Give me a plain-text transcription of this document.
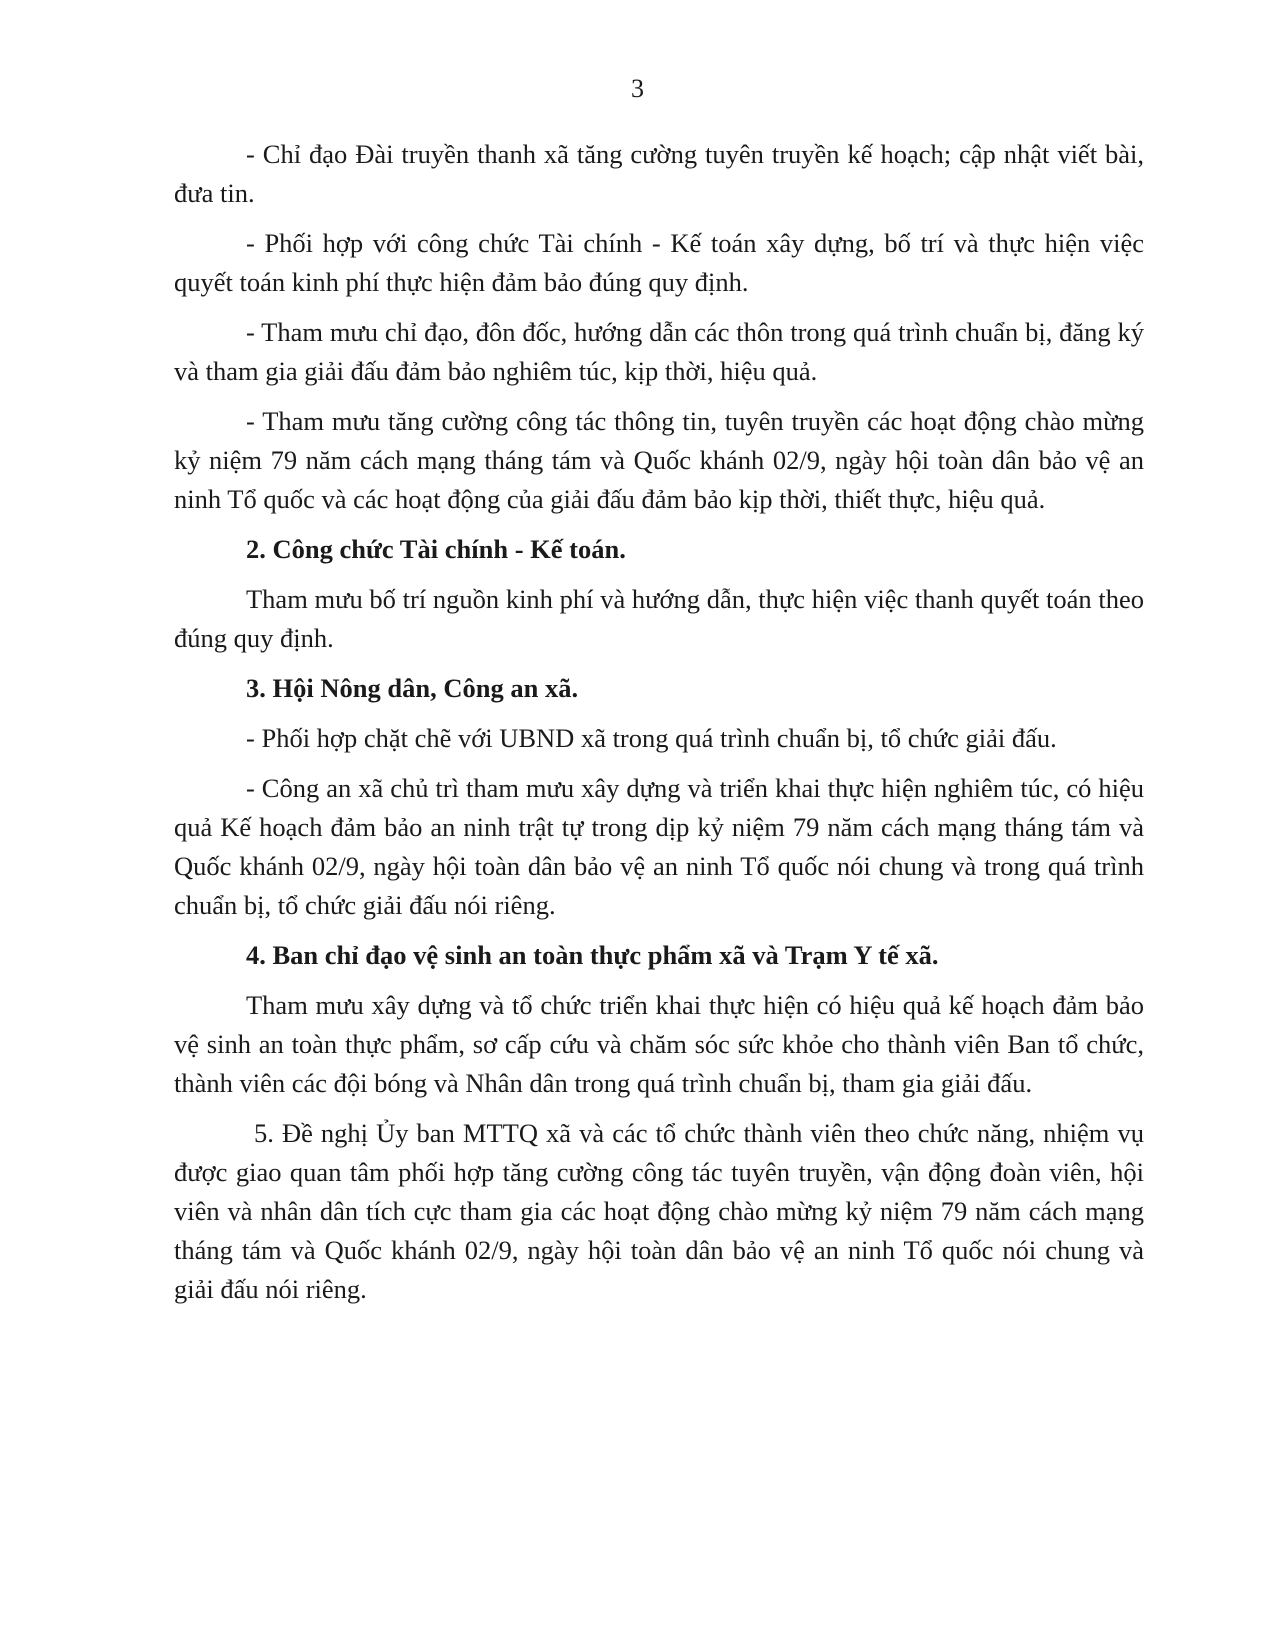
3

- Chỉ đạo Đài truyền thanh xã tăng cường tuyên truyền kế hoạch; cập nhật viết bài, đưa tin.

- Phối hợp với công chức Tài chính - Kế toán xây dựng, bố trí và thực hiện việc quyết toán kinh phí thực hiện đảm bảo đúng quy định.

- Tham mưu chỉ đạo, đôn đốc, hướng dẫn các thôn trong quá trình chuẩn bị, đăng ký và tham gia giải đấu đảm bảo nghiêm túc, kịp thời, hiệu quả.

- Tham mưu tăng cường công tác thông tin, tuyên truyền các hoạt động chào mừng kỷ niệm 79 năm cách mạng tháng tám và Quốc khánh 02/9, ngày hội toàn dân bảo vệ an ninh Tổ quốc và các hoạt động của giải đấu đảm bảo kịp thời, thiết thực, hiệu quả.

2. Công chức Tài chính - Kế toán.

Tham mưu bố trí nguồn kinh phí và hướng dẫn, thực hiện việc thanh quyết toán theo đúng quy định.

3. Hội Nông dân, Công an xã.

- Phối hợp chặt chẽ với UBND xã trong quá trình chuẩn bị, tổ chức giải đấu.

- Công an xã chủ trì tham mưu xây dựng và triển khai thực hiện nghiêm túc, có hiệu quả Kế hoạch đảm bảo an ninh trật tự trong dịp kỷ niệm 79 năm cách mạng tháng tám và Quốc khánh 02/9, ngày hội toàn dân bảo vệ an ninh Tổ quốc nói chung và trong quá trình chuẩn bị, tổ chức giải đấu nói riêng.

4. Ban chỉ đạo vệ sinh an toàn thực phẩm xã và Trạm Y tế xã.

Tham mưu xây dựng và tổ chức triển khai thực hiện có hiệu quả kế hoạch đảm bảo vệ sinh an toàn thực phẩm, sơ cấp cứu và chăm sóc sức khỏe cho thành viên Ban tổ chức, thành viên các đội bóng và Nhân dân trong quá trình chuẩn bị, tham gia giải đấu.

5. Đề nghị Ủy ban MTTQ xã và các tổ chức thành viên theo chức năng, nhiệm vụ được giao quan tâm phối hợp tăng cường công tác tuyên truyền, vận động đoàn viên, hội viên và nhân dân tích cực tham gia các hoạt động chào mừng kỷ niệm 79 năm cách mạng tháng tám và Quốc khánh 02/9, ngày hội toàn dân bảo vệ an ninh Tổ quốc nói chung và giải đấu nói riêng.
